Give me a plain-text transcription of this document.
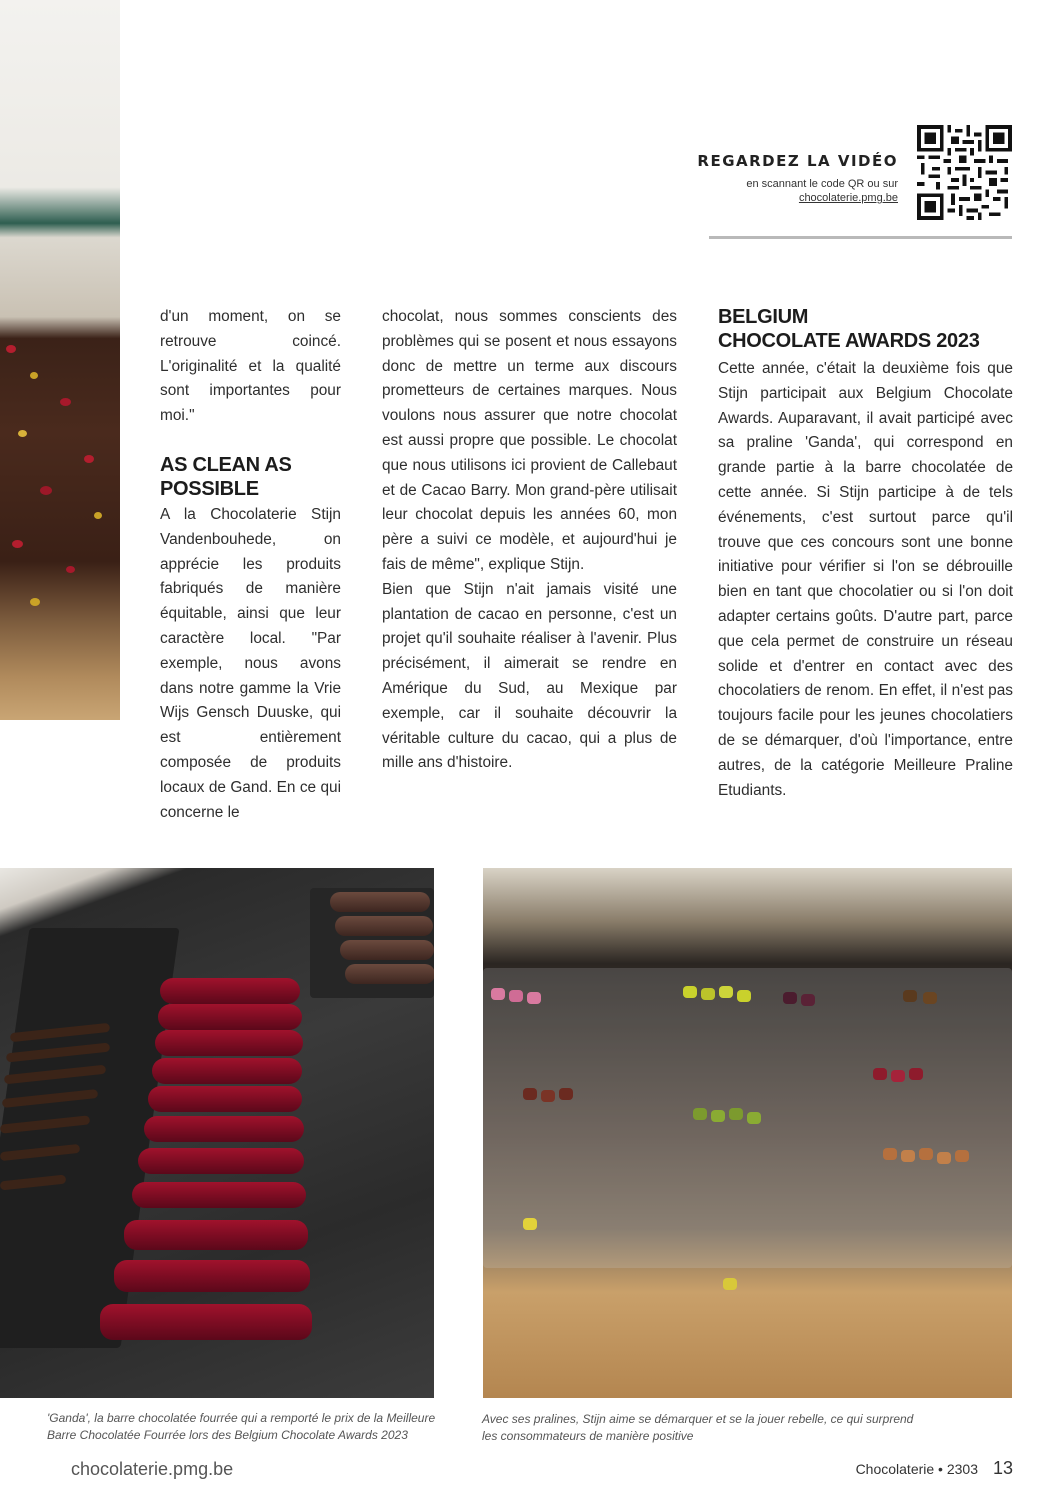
REGARDEZ LA VIDÉO
en scannant le code QR ou sur
chocolaterie.pmg.be

d'un moment, on se retrouve coincé. L'originalité et la qualité sont importantes pour moi."

AS CLEAN AS
POSSIBLE

A la Chocolaterie Stijn Vandenbouhede, on apprécie les produits fabriqués de manière équitable, ainsi que leur caractère local. "Par exemple, nous avons dans notre gamme la Vrie Wijs Gensch Duuske, qui est entièrement composée de produits locaux de Gand. En ce qui concerne le

chocolat, nous sommes conscients des problèmes qui se posent et nous essayons donc de mettre un terme aux discours prometteurs de certaines marques. Nous voulons nous assurer que notre chocolat est aussi propre que possible. Le chocolat que nous utilisons ici provient de Callebaut et de Cacao Barry. Mon grand-père utilisait leur chocolat depuis les années 60, mon père a suivi ce modèle, et aujourd'hui je fais de même", explique Stijn.

Bien que Stijn n'ait jamais visité une plantation de cacao en personne, c'est un projet qu'il souhaite réaliser à l'avenir. Plus précisément, il aimerait se rendre en Amérique du Sud, au Mexique par exemple, car il souhaite découvrir la véritable culture du cacao, qui a plus de mille ans d'histoire.

BELGIUM
CHOCOLATE AWARDS 2023

Cette année, c'était la deuxième fois que Stijn participait aux Belgium Chocolate Awards. Auparavant, il avait participé avec sa praline 'Ganda', qui correspond en grande partie à la barre chocolatée de cette année. Si Stijn participe à de tels événements, c'est surtout parce qu'il trouve que ces concours sont une bonne initiative pour vérifier si l'on se débrouille bien en tant que chocolatier ou si l'on doit adapter certains goûts. D'autre part, parce que cela permet de construire un réseau solide et d'entrer en contact avec des chocolatiers de renom. En effet, il n'est pas toujours facile pour les jeunes chocolatiers de se démarquer, d'où l'importance, entre autres, de la catégorie Meilleure Praline Etudiants.

'Ganda', la barre chocolatée fourrée qui a remporté le prix de la Meilleure
Barre Chocolatée Fourrée lors des Belgium Chocolate Awards 2023
Avec ses pralines, Stijn aime se démarquer et se la jouer rebelle, ce qui surprend
les consommateurs de manière positive
chocolaterie.pmg.be	Chocolaterie • 2303 13
